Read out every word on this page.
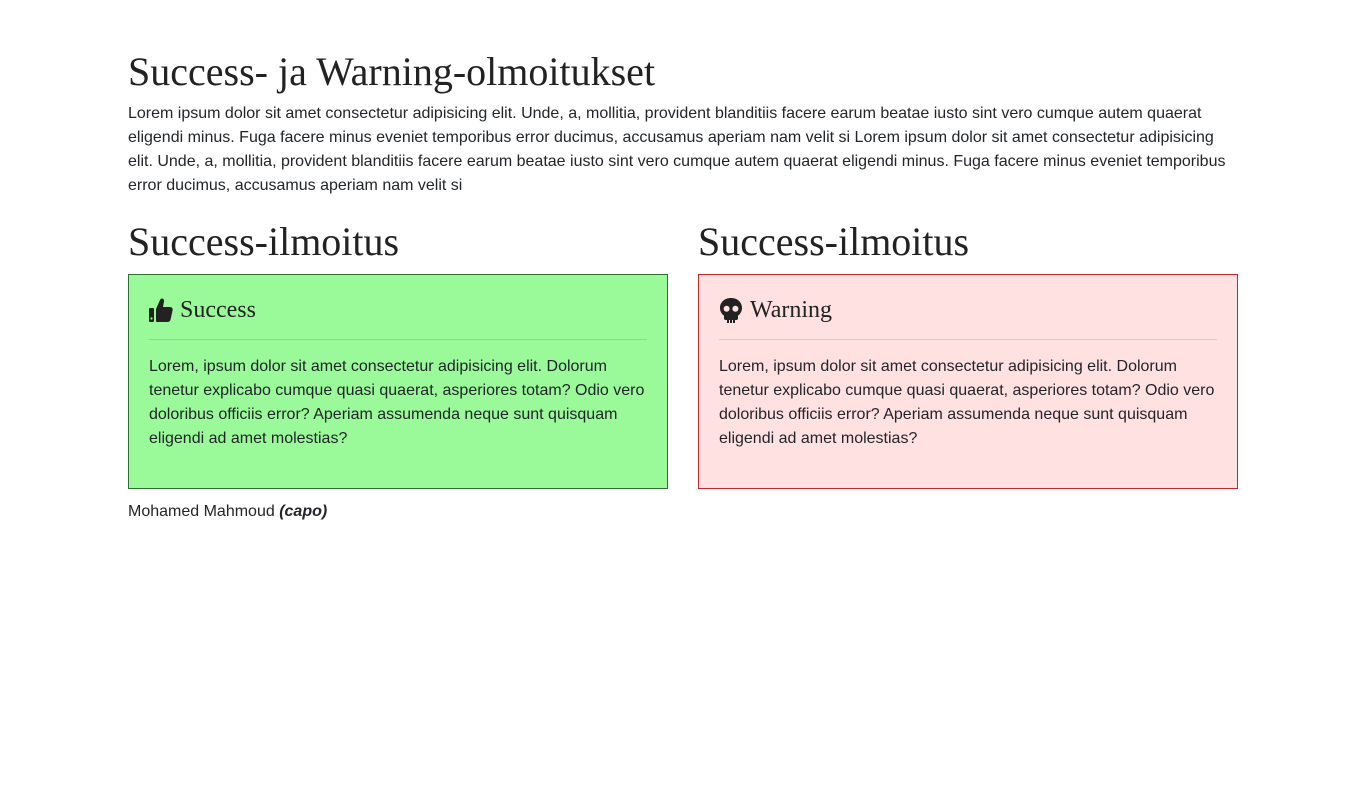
Success- ja Warning-olmoitukset

Lorem ipsum dolor sit amet consectetur adipisicing elit. Unde, a, mollitia, provident blanditiis facere earum beatae iusto sint vero cumque autem quaerat eligendi minus. Fuga facere minus eveniet temporibus error ducimus, accusamus aperiam nam velit si Lorem ipsum dolor sit amet consectetur adipisicing elit. Unde, a, mollitia, provident blanditiis facere earum beatae iusto sint vero cumque autem quaerat eligendi minus. Fuga facere minus eveniet temporibus error ducimus, accusamus aperiam nam velit si

Success-ilmoitus
Success

Lorem, ipsum dolor sit amet consectetur adipisicing elit. Dolorum tenetur explicabo cumque quasi quaerat, asperiores totam? Odio vero doloribus officiis error? Aperiam assumenda neque sunt quisquam eligendi ad amet molestias?

Success-ilmoitus
Warning

Lorem, ipsum dolor sit amet consectetur adipisicing elit. Dolorum tenetur explicabo cumque quasi quaerat, asperiores totam? Odio vero doloribus officiis error? Aperiam assumenda neque sunt quisquam eligendi ad amet molestias?

Mohamed Mahmoud (capo)
